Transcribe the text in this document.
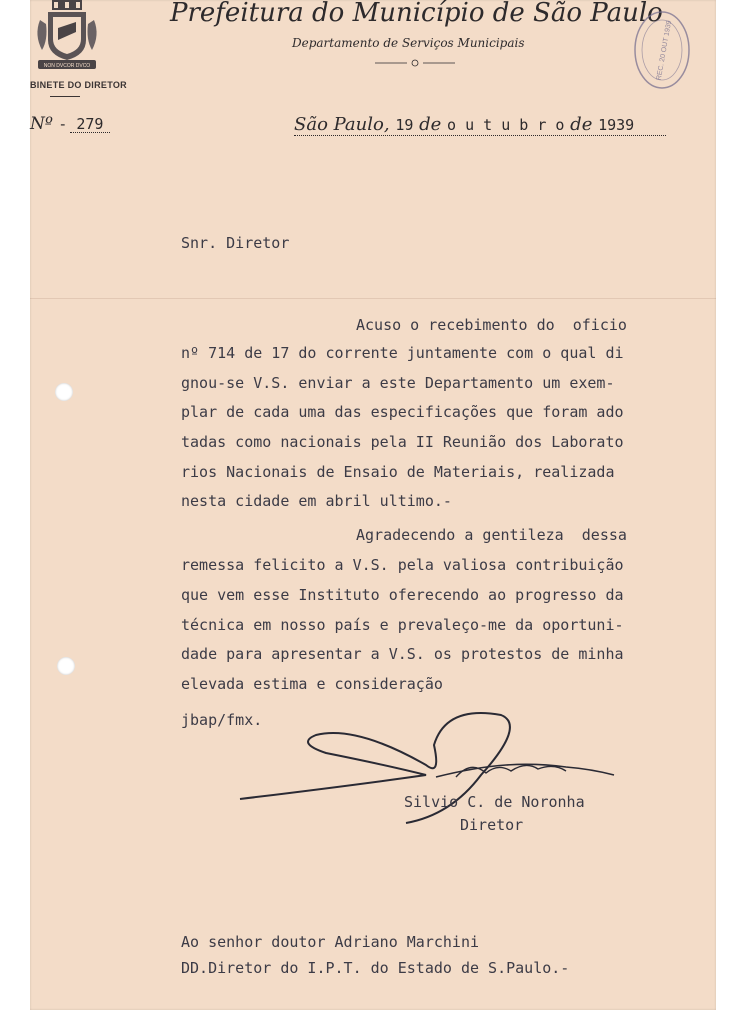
NON DVCOR DVCO
BINETE DO DIRETOR
Prefeitura do Município de São Paulo
Departamento de Serviços Municipais	REC. 20 OUT 1939
Nº - 279	São Paulo, 19 de o u t u b r o de 1939
Snr. Diretor
Acuso o recebimento do  oficio
nº 714 de 17 do corrente juntamente com o qual di
gnou-se V.S. enviar a este Departamento um exem-
plar de cada uma das especificações que foram ado
tadas como nacionais pela II Reunião dos Laborato
rios Nacionais de Ensaio de Materiais, realizada
nesta cidade em abril ultimo.-
Agradecendo a gentileza  dessa
remessa felicito a V.S. pela valiosa contribuição
que vem esse Instituto oferecendo ao progresso da
técnica em nosso país e prevaleço-me da oportuni-
dade para apresentar a V.S. os protestos de minha
elevada estima e consideração
jbap/fmx.
Noronha
Silvio C. de Noronha
Diretor
Ao senhor doutor Adriano Marchini
DD.Diretor do I.P.T. do Estado de S.Paulo.-
